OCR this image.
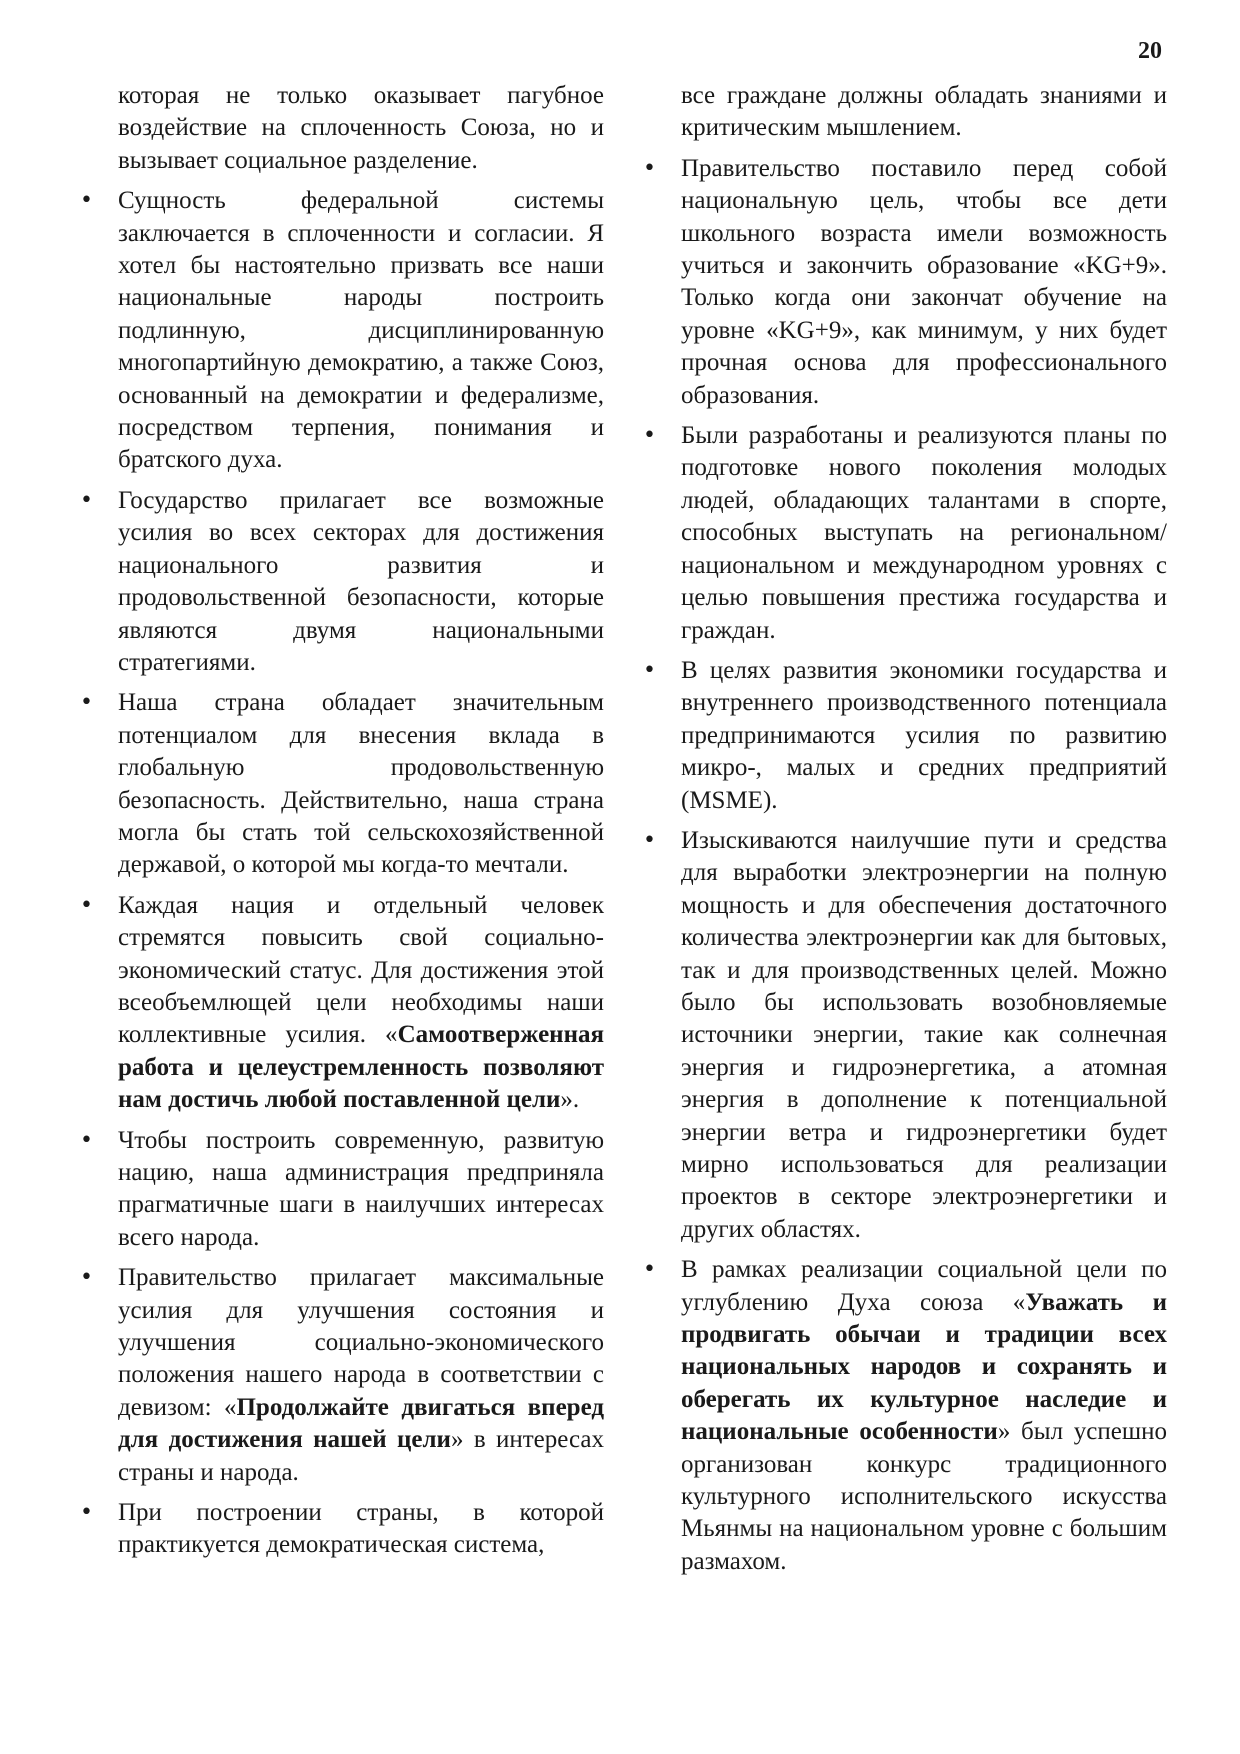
20

которая не только оказывает пагубное воздействие на сплоченность Союза, но и вызывает социальное разделение.

• Сущность федеральной системы заключается в сплоченности и согласии. Я хотел бы настоятельно призвать все наши национальные народы построить подлинную, дисциплинированную многопартийную демократию, а также Союз, основанный на демократии и федерализме, посредством терпения, понимания и братского духа.
• Государство прилагает все возможные усилия во всех секторах для достижения национального развития и продовольственной безопасности, которые являются двумя национальными стратегиями.
• Наша страна обладает значительным потенциалом для внесения вклада в глобальную продовольственную безопасность. Действительно, наша страна могла бы стать той сельскохозяйственной державой, о которой мы когда-то мечтали.
• Каждая нация и отдельный человек стремятся повысить свой социально-экономический статус. Для достижения этой всеобъемлющей цели необходимы наши коллективные усилия. «Самоотверженная работа и целеустремленность позволяют нам достичь любой поставленной цели».
• Чтобы построить современную, развитую нацию, наша администрация предприняла прагматичные шаги в наилучших интересах всего народа.
• Правительство прилагает максимальные усилия для улучшения состояния и улучшения социально-экономического положения нашего народа в соответствии с девизом: «Продолжайте двигаться вперед для достижения нашей цели» в интересах страны и народа.
• При построении страны, в которой практикуется демократическая система,

все граждане должны обладать знаниями и критическим мышлением.

• Правительство поставило перед собой национальную цель, чтобы все дети школьного возраста имели возможность учиться и закончить образование «KG+9». Только когда они закончат обучение на уровне «KG+9», как минимум, у них будет прочная основа для профессионального образования.
• Были разработаны и реализуются планы по подготовке нового поколения молодых людей, обладающих талантами в спорте, способных выступать на региональном/национальном и международном уровнях с целью повышения престижа государства и граждан.
• В целях развития экономики государства и внутреннего производственного потенциала предпринимаются усилия по развитию микро-, малых и средних предприятий (MSME).
• Изыскиваются наилучшие пути и средства для выработки электроэнергии на полную мощность и для обеспечения достаточного количества электроэнергии как для бытовых, так и для производственных целей. Можно было бы использовать возобновляемые источники энергии, такие как солнечная энергия и гидроэнергетика, а атомная энергия в дополнение к потенциальной энергии ветра и гидроэнергетики будет мирно использоваться для реализации проектов в секторе электроэнергетики и других областях.
• В рамках реализации социальной цели по углублению Духа союза «Уважать и продвигать обычаи и традиции всех национальных народов и сохранять и оберегать их культурное наследие и национальные особенности» был успешно организован конкурс традиционного культурного исполнительского искусства Мьянмы на национальном уровне с большим размахом.
